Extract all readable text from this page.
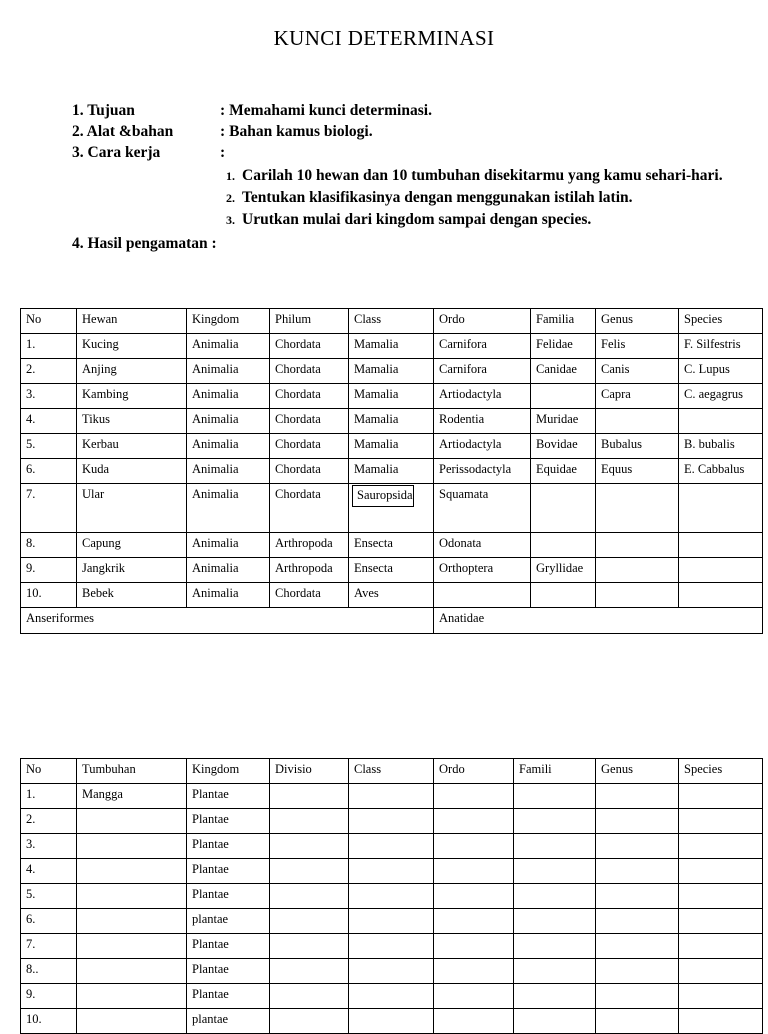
KUNCI DETERMINASI
1. Tujuan	: Memahami kunci determinasi.
2. Alat &bahan	: Bahan kamus biologi.
3. Cara kerja	:
1. Carilah 10 hewan dan 10 tumbuhan disekitarmu yang kamu sehari-hari.
2. Tentukan klasifikasinya dengan menggunakan istilah latin.
3. Urutkan mulai dari kingdom sampai dengan species.
4. Hasil pengamatan :
No	Hewan	Kingdom	Philum	Class	Ordo	Familia	Genus	Species
1.	Kucing	Animalia	Chordata	Mamalia	Carnifora	Felidae	Felis	F. Silfestris
2.	Anjing	Animalia	Chordata	Mamalia	Carnifora	Canidae	Canis	C. Lupus
3.	Kambing	Animalia	Chordata	Mamalia	Artiodactyla		Capra	C. aegagrus
4.	Tikus	Animalia	Chordata	Mamalia	Rodentia	Muridae		
5.	Kerbau	Animalia	Chordata	Mamalia	Artiodactyla	Bovidae	Bubalus	B. bubalis
6.	Kuda	Animalia	Chordata	Mamalia	Perissodactyla	Equidae	Equus	E. Cabbalus
7.	Ular	Animalia	Chordata	Sauropsida	Squamata			
8.	Capung	Animalia	Arthropoda	Ensecta	Odonata			
9.	Jangkrik	Animalia	Arthropoda	Ensecta	Orthoptera	Gryllidae		
10.	Bebek	Animalia	Chordata	Aves				
Anseriformes					Anatidae			
No	Tumbuhan	Kingdom	Divisio	Class	Ordo	Famili	Genus	Species
1.	Mangga	Plantae						
2.		Plantae						
3.		Plantae						
4.		Plantae						
5.		Plantae						
6.		plantae						
7.		Plantae						
8..		Plantae						
9.		Plantae						
10.		plantae						
